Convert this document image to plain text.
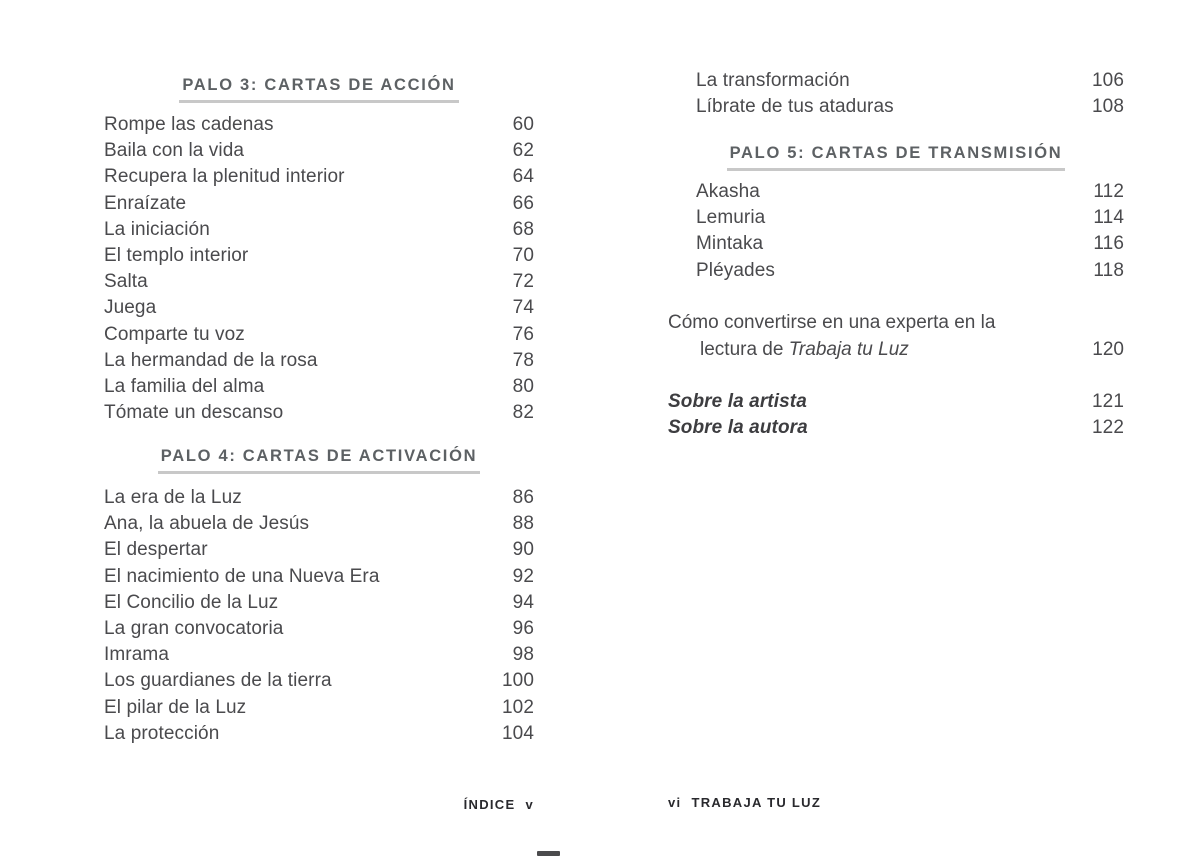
PALO 3: CARTAS DE ACCIÓN
Rompe las cadenas	60
Baila con la vida	62
Recupera la plenitud interior	64
Enraízate	66
La iniciación	68
El templo interior	70
Salta	72
Juega	74
Comparte tu voz	76
La hermandad de la rosa	78
La familia del alma	80
Tómate un descanso	82
PALO 4: CARTAS DE ACTIVACIÓN
La era de la Luz	86
Ana, la abuela de Jesús	88
El despertar	90
El nacimiento de una Nueva Era	92
El Concilio de la Luz	94
La gran convocatoria	96
Imrama	98
Los guardianes de la tierra	100
El pilar de la Luz	102
La protección	104
ÍNDICE v
La transformación	106
Líbrate de tus ataduras	108
PALO 5: CARTAS DE TRANSMISIÓN
Akasha	112
Lemuria	114
Mintaka	116
Pléyades	118
Cómo convertirse en una experta en la
lectura de Trabaja tu Luz	120
Sobre la artista	121
Sobre la autora	122
vi TRABAJA TU LUZ
